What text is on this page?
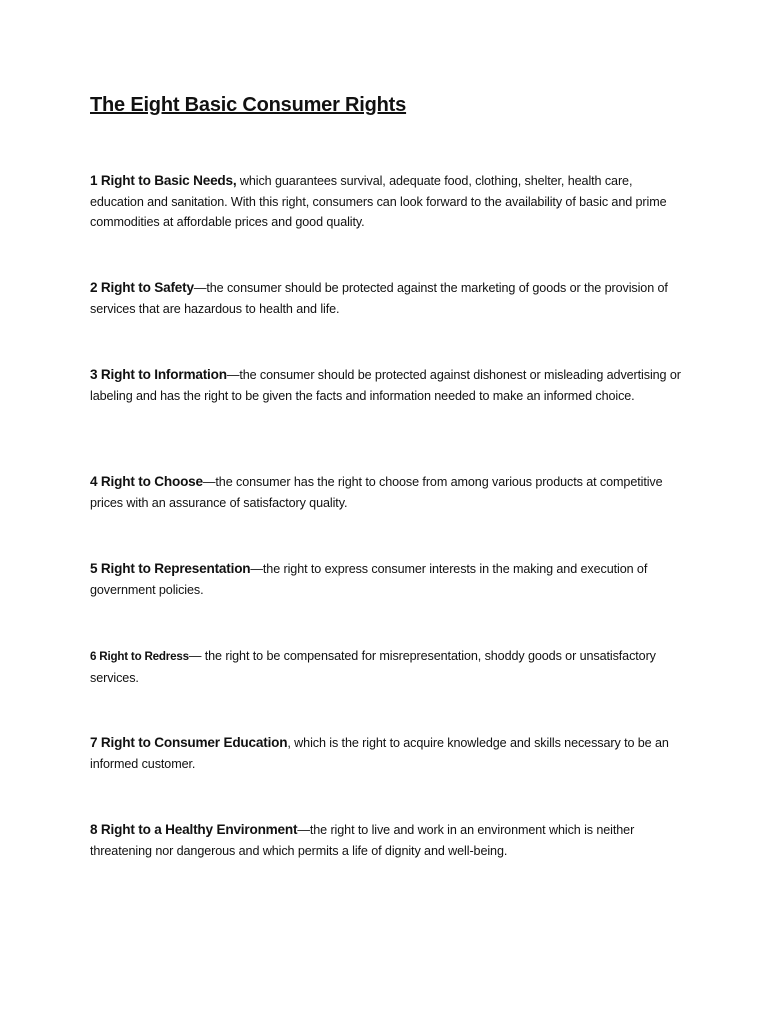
The Eight Basic Consumer Rights

1 Right to Basic Needs, which guarantees survival, adequate food, clothing, shelter, health care, education and sanitation. With this right, consumers can look forward to the availability of basic and prime commodities at affordable prices and good quality.

2 Right to Safety—the consumer should be protected against the marketing of goods or the provision of services that are hazardous to health and life.

3 Right to Information—the consumer should be protected against dishonest or misleading advertising or labeling and has the right to be given the facts and information needed to make an informed choice.

4 Right to Choose—the consumer has the right to choose from among various products at competitive prices with an assurance of satisfactory quality.

5 Right to Representation—the right to express consumer interests in the making and execution of government policies.

6 Right to Redress— the right to be compensated for misrepresentation, shoddy goods or unsatisfactory services.

7 Right to Consumer Education, which is the right to acquire knowledge and skills necessary to be an informed customer.

8 Right to a Healthy Environment—the right to live and work in an environment which is neither threatening nor dangerous and which permits a life of dignity and well-being.
